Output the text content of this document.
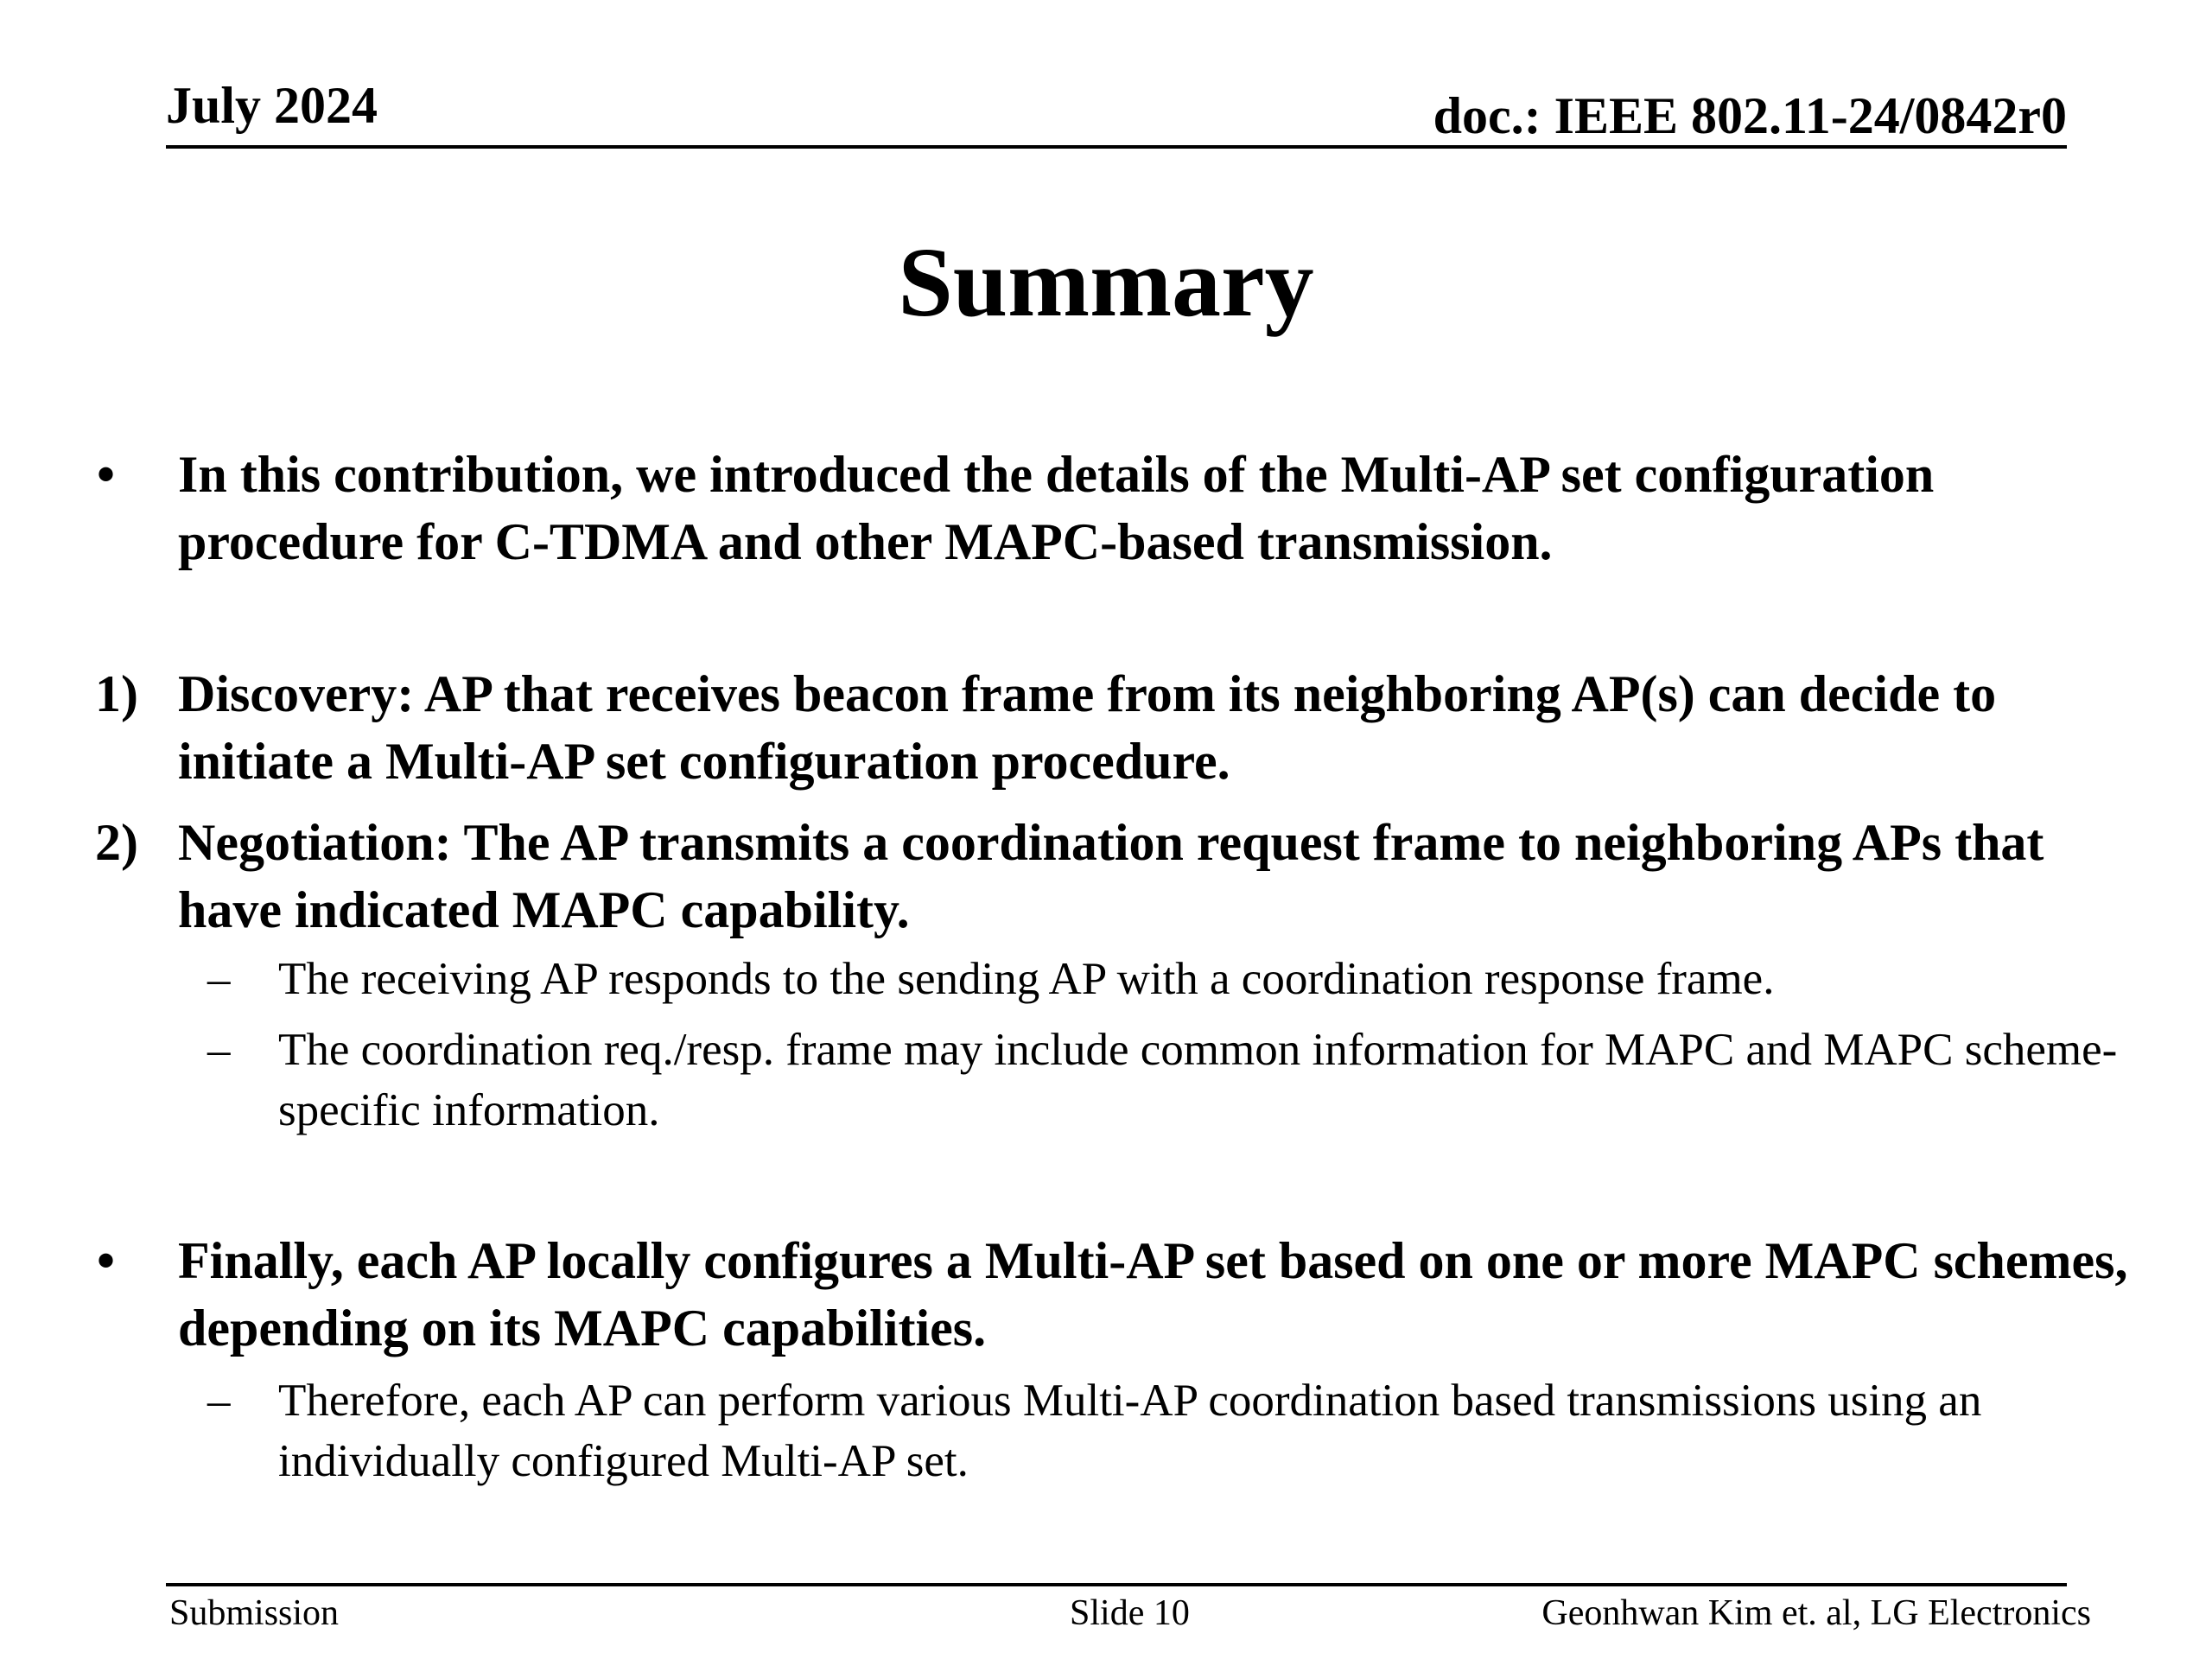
July 2024	doc.: IEEE 802.11-24/0842r0
Summary
• In this contribution, we introduced the details of the Multi-AP set configuration procedure for C-TDMA and other MAPC-based transmission.
1) Discovery: AP that receives beacon frame from its neighboring AP(s) can decide to initiate a Multi-AP set configuration procedure.
2) Negotiation: The AP transmits a coordination request frame to neighboring APs that have indicated MAPC capability.
– The receiving AP responds to the sending AP with a coordination response frame.
– The coordination req./resp. frame may include common information for MAPC and MAPC scheme-specific information.
• Finally, each AP locally configures a Multi-AP set based on one or more MAPC schemes, depending on its MAPC capabilities.
– Therefore, each AP can perform various Multi-AP coordination based transmissions using an individually configured Multi-AP set.
Submission	Slide 10	Geonhwan Kim et. al, LG Electronics
